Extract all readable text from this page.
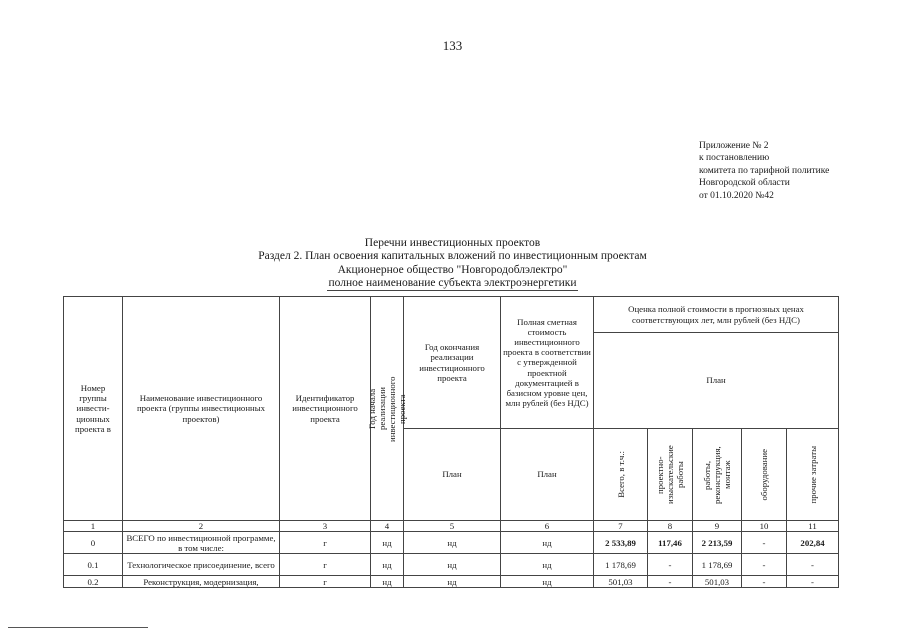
133
Приложение № 2
к постановлению
комитета по тарифной политике
Новгородской области
от 01.10.2020 №42
Перечни инвестиционных проектов
Раздел 2. План освоения капитальных вложений по инвестиционным проектам
Акционерное общество "Новгородоблэлектро"
полное наименование субъекта электроэнергетики
Номер группы инвести-ционных проекта в	Наименование инвестиционного проекта (группы инвестиционных проектов)	Идентификатор инвестиционного проекта	Год начала реализации инвестиционного проекта	Год окончания реализации инвестиционного проекта	Полная сметная стоимость инвестиционного проекта в соответствии с утвержденной проектной документацией в базисном уровне цен, млн рублей (без НДС)	Оценка полной стоимости в прогнозных ценах соответствующих лет, млн рублей (без НДС)				
						План				
				План	План	Всего, в т.ч.:	проектно-изыскательские работы	работы, реконструкция, монтаж	оборудование	прочие затраты

1	2	3	4	5	6	7	8	9	10	11
0	ВСЕГО по инвестиционной программе, в том числе:	г	нд	нд	нд	2 533,89	117,46	2 213,59	-	202,84
0.1	Технологическое присоединение, всего	г	нд	нд	нд	1 178,69	-	1 178,69	-	-
0.2	Реконструкция, модернизация,	г	нд	нд	нд	501,03	-	501,03	-	-
